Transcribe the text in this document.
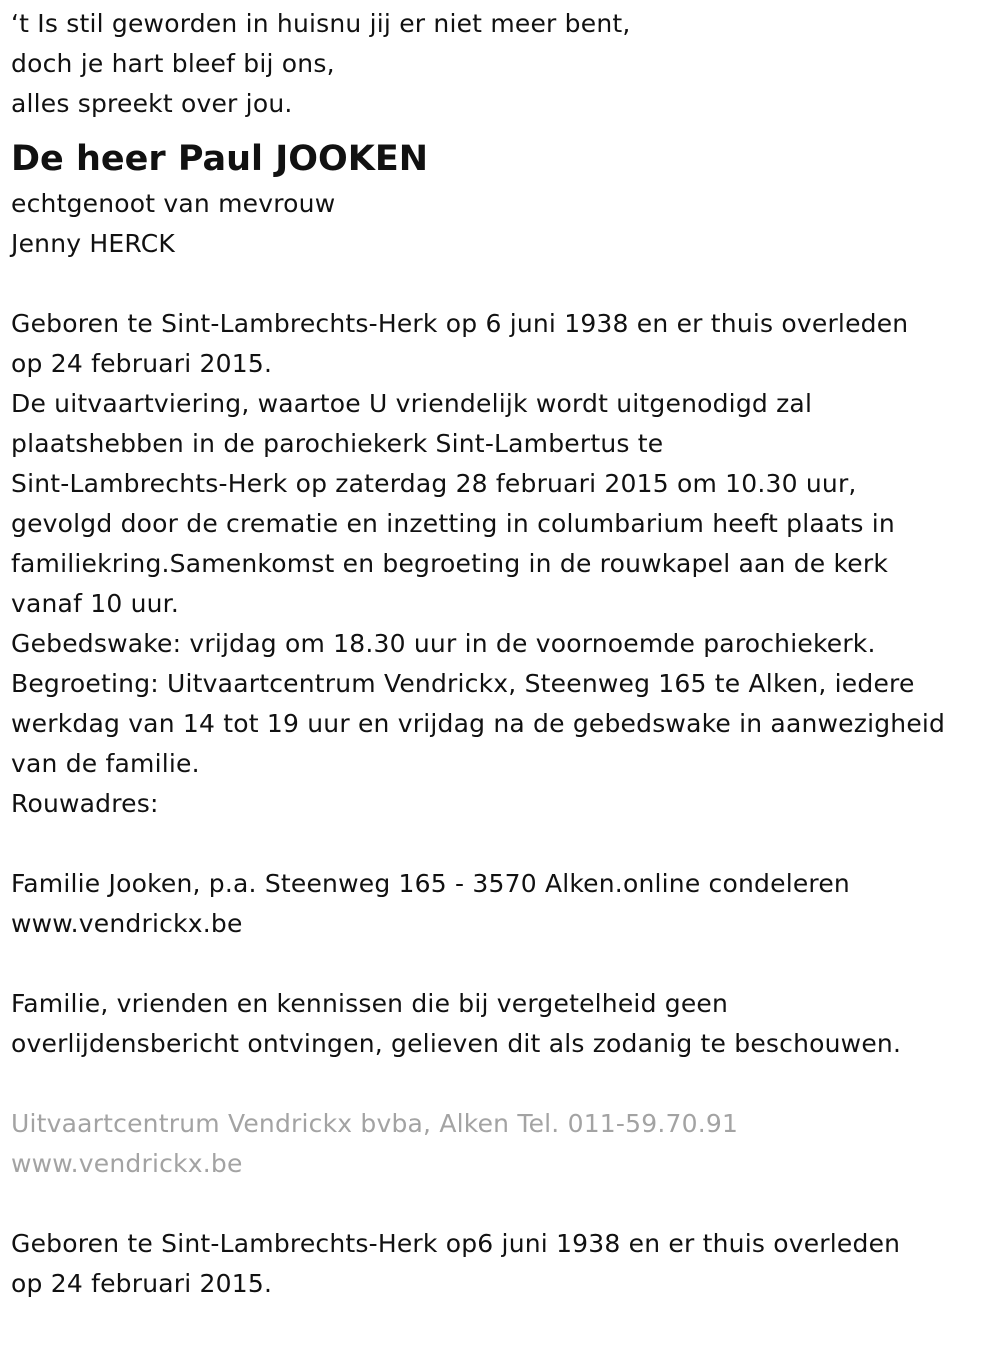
‘t Is stil geworden in huisnu jij er niet meer bent,
doch je hart bleef bij ons,
alles spreekt over jou.
De heer Paul JOOKEN
echtgenoot van mevrouw
Jenny HERCK
Geboren te Sint-Lambrechts-Herk op 6 juni 1938 en er thuis overleden
op 24 februari 2015.
De uitvaartviering, waartoe U vriendelijk wordt uitgenodigd zal
plaatshebben in de parochiekerk Sint-Lambertus te
Sint-Lambrechts-Herk op zaterdag 28 februari 2015 om 10.30 uur,
gevolgd door de crematie en inzetting in columbarium heeft plaats in
familiekring.Samenkomst en begroeting in de rouwkapel aan de kerk
vanaf 10 uur.
Gebedswake: vrijdag om 18.30 uur in de voornoemde parochiekerk.
Begroeting: Uitvaartcentrum Vendrickx, Steenweg 165 te Alken, iedere
werkdag van 14 tot 19 uur en vrijdag na de gebedswake in aanwezigheid
van de familie.
Rouwadres:
Familie Jooken, p.a. Steenweg 165 - 3570 Alken.online condeleren
www.vendrickx.be
Familie, vrienden en kennissen die bij vergetelheid geen
overlijdensbericht ontvingen, gelieven dit als zodanig te beschouwen.
Uitvaartcentrum Vendrickx bvba, Alken Tel. 011-59.70.91
www.vendrickx.be
Geboren te Sint-Lambrechts-Herk op6 juni 1938 en er thuis overleden
op 24 februari 2015.
